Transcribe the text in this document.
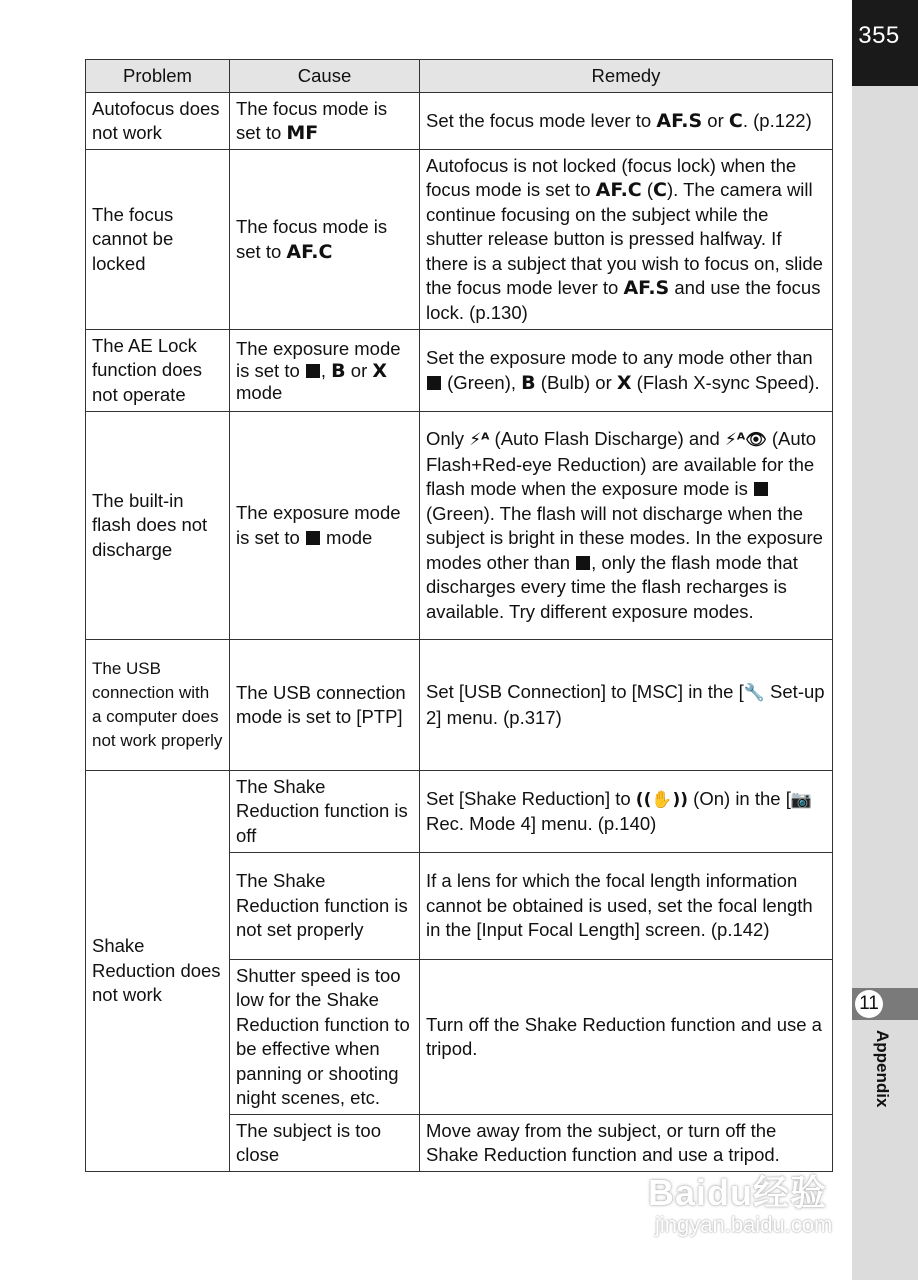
355
11
Appendix
Problem	Cause	Remedy
Autofocus does not work	The focus mode is set to MF	Set the focus mode lever to AF.S or C. (p.122)
The focus cannot be locked	The focus mode is set to AF.C	Autofocus is not locked (focus lock) when the focus mode is set to AF.C (C). The camera will continue focusing on the subject while the shutter release button is pressed halfway. If there is a subject that you wish to focus on, slide the focus mode lever to AF.S and use the focus lock. (p.130)
The AE Lock function does not operate	The exposure mode is set to , B or X mode	Set the exposure mode to any mode other than  (Green), B (Bulb) or X (Flash X-sync Speed).
The built-in flash does not discharge	The exposure mode is set to  mode	Only ⚡ᴬ (Auto Flash Discharge) and ⚡ᴬ👁 (Auto Flash+Red-eye Reduction) are available for the flash mode when the exposure mode is  (Green). The flash will not discharge when the subject is bright in these modes. In the exposure modes other than , only the flash mode that discharges every time the flash recharges is available. Try different exposure modes.
The USB connection with a computer does not work properly	The USB connection mode is set to [PTP]	Set [USB Connection] to [MSC] in the [🔧 Set-up 2] menu. (p.317)
Shake Reduction does not work	The Shake Reduction function is off	Set [Shake Reduction] to ((✋)) (On) in the [📷 Rec. Mode 4] menu. (p.140)
	The Shake Reduction function is not set properly	If a lens for which the focal length information cannot be obtained is used, set the focal length in the [Input Focal Length] screen. (p.142)
	Shutter speed is too low for the Shake Reduction function to be effective when panning or shooting night scenes, etc.	Turn off the Shake Reduction function and use a tripod.
	The subject is too close	Move away from the subject, or turn off the Shake Reduction function and use a tripod.
Baidu经验
jingyan.baidu.com
